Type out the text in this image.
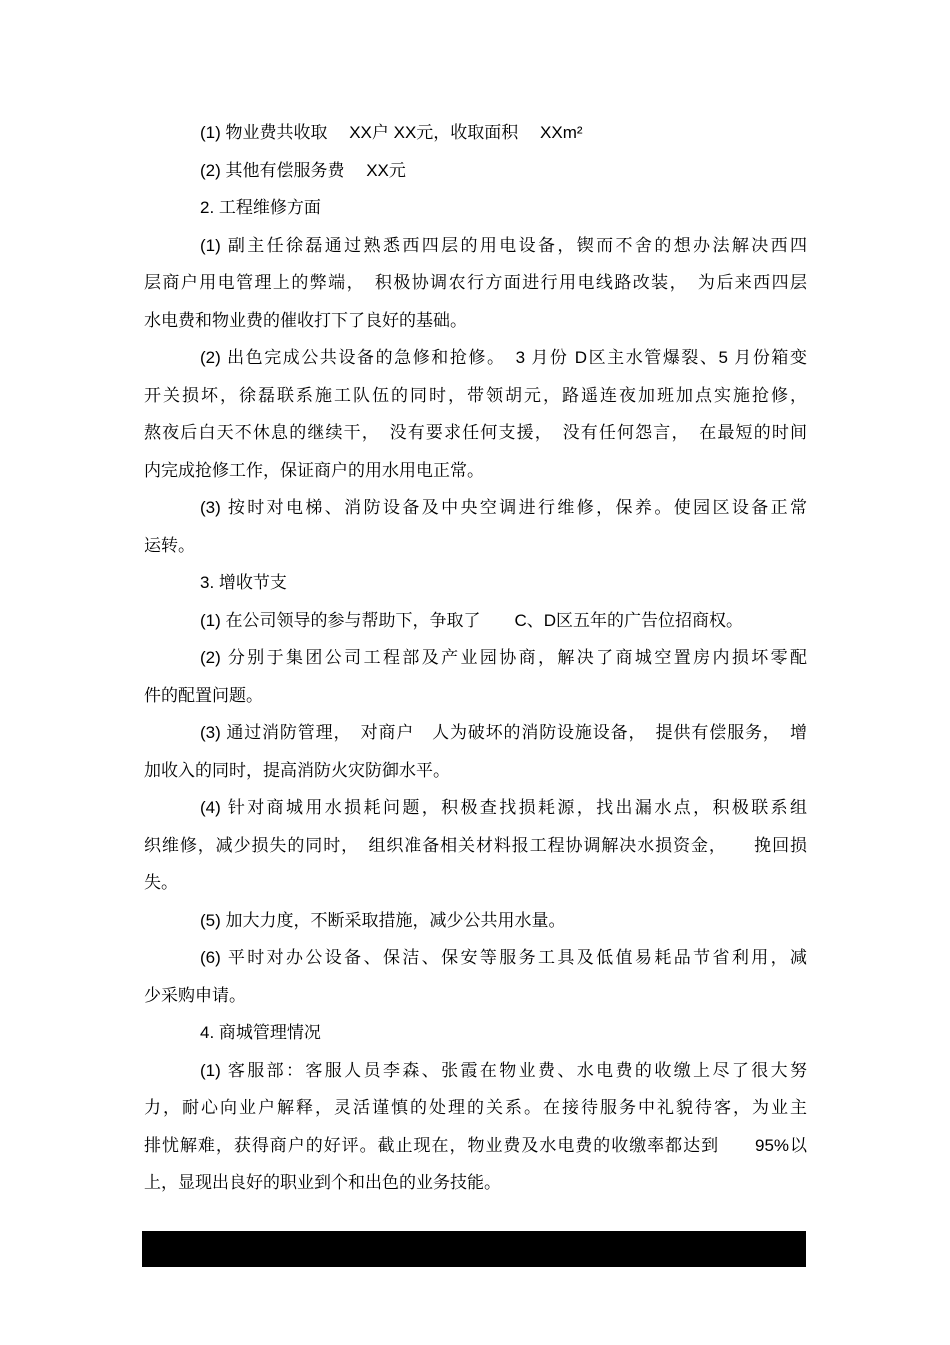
(1) 物业费共收取　 XX户 XX元，收取面积　 XXm²
(2) 其他有偿服务费　 XX元
2. 工程维修方面
(1) 副主任徐磊通过熟悉西四层的用电设备，锲而不舍的想办法解决西四
层商户用电管理上的弊端，　积极协调农行方面进行用电线路改装，　为后来西四层
水电费和物业费的催收打下了良好的基础。
(2) 出色完成公共设备的急修和抢修。　3 月份 D区主水管爆裂、5 月份箱变
开关损坏，徐磊联系施工队伍的同时，带领胡元，路遥连夜加班加点实施抢修，
熬夜后白天不休息的继续干，　没有要求任何支援，　没有任何怨言，　在最短的时间
内完成抢修工作，保证商户的用水用电正常。
(3) 按时对电梯、消防设备及中央空调进行维修，保养。使园区设备正常
运转。
3. 增收节支
(1) 在公司领导的参与帮助下，争取了　　C、D区五年的广告位招商权。
(2) 分别于集团公司工程部及产业园协商，解决了商城空置房内损坏零配
件的配置问题。
(3) 通过消防管理，　对商户　人为破坏的消防设施设备，　提供有偿服务，　增
加收入的同时，提高消防火灾防御水平。
(4) 针对商城用水损耗问题，积极查找损耗源，找出漏水点，积极联系组
织维修，减少损失的同时，　组织准备相关材料报工程协调解决水损资金，　　挽回损
失。
(5) 加大力度，不断采取措施，减少公共用水量。
(6) 平时对办公设备、保洁、保安等服务工具及低值易耗品节省利用，减
少采购申请。
4. 商城管理情况
(1) 客服部：客服人员李森、张霞在物业费、水电费的收缴上尽了很大努
力，耐心向业户解释，灵活谨慎的处理的关系。在接待服务中礼貌待客，为业主
排忧解难，获得商户的好评。截止现在，物业费及水电费的收缴率都达到　　95%以
上，显现出良好的职业到个和出色的业务技能。
